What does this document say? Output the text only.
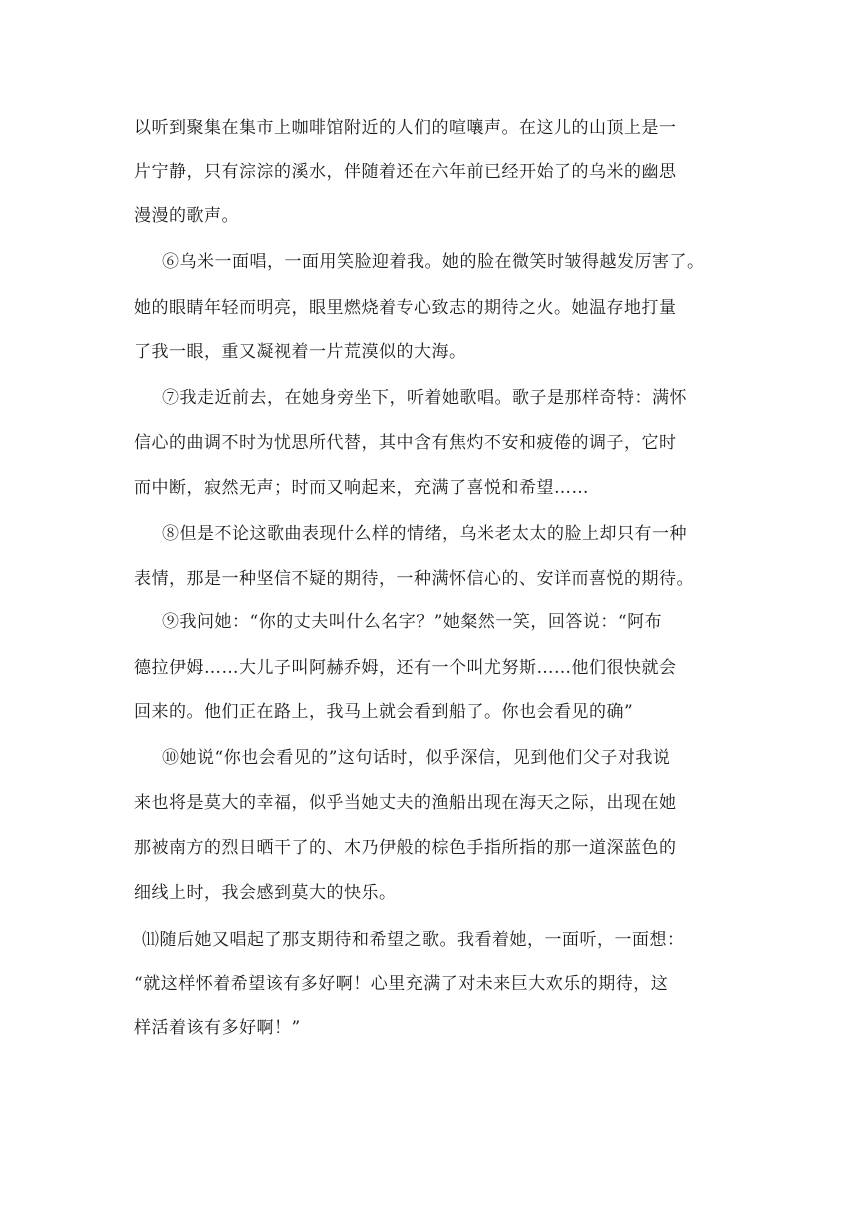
以听到聚集在集市上咖啡馆附近的人们的喧嚷声。在这儿的山顶上是一
片宁静，只有淙淙的溪水，伴随着还在六年前已经开始了的乌米的幽思
漫漫的歌声。
⑥乌米一面唱，一面用笑脸迎着我。她的脸在微笑时皱得越发厉害了。
她的眼睛年轻而明亮，眼里燃烧着专心致志的期待之火。她温存地打量
了我一眼，重又凝视着一片荒漠似的大海。
⑦我走近前去，在她身旁坐下，听着她歌唱。歌子是那样奇特：满怀
信心的曲调不时为忧思所代替，其中含有焦灼不安和疲倦的调子，它时
而中断，寂然无声；时而又响起来，充满了喜悦和希望……
⑧但是不论这歌曲表现什么样的情绪，乌米老太太的脸上却只有一种
表情，那是一种坚信不疑的期待，一种满怀信心的、安详而喜悦的期待。
⑨我问她：“你的丈夫叫什么名字？”她粲然一笑，回答说：“阿布
德拉伊姆……大儿子叫阿赫乔姆，还有一个叫尤努斯……他们很快就会
回来的。他们正在路上，我马上就会看到船了。你也会看见的确”
⑩她说“你也会看见的”这句话时，似乎深信，见到他们父子对我说
来也将是莫大的幸福，似乎当她丈夫的渔船出现在海天之际，出现在她
那被南方的烈日晒干了的、木乃伊般的棕色手指所指的那一道深蓝色的
细线上时，我会感到莫大的快乐。
⑾随后她又唱起了那支期待和希望之歌。我看着她，一面听，一面想：
“就这样怀着希望该有多好啊！心里充满了对未来巨大欢乐的期待，这
样活着该有多好啊！”
